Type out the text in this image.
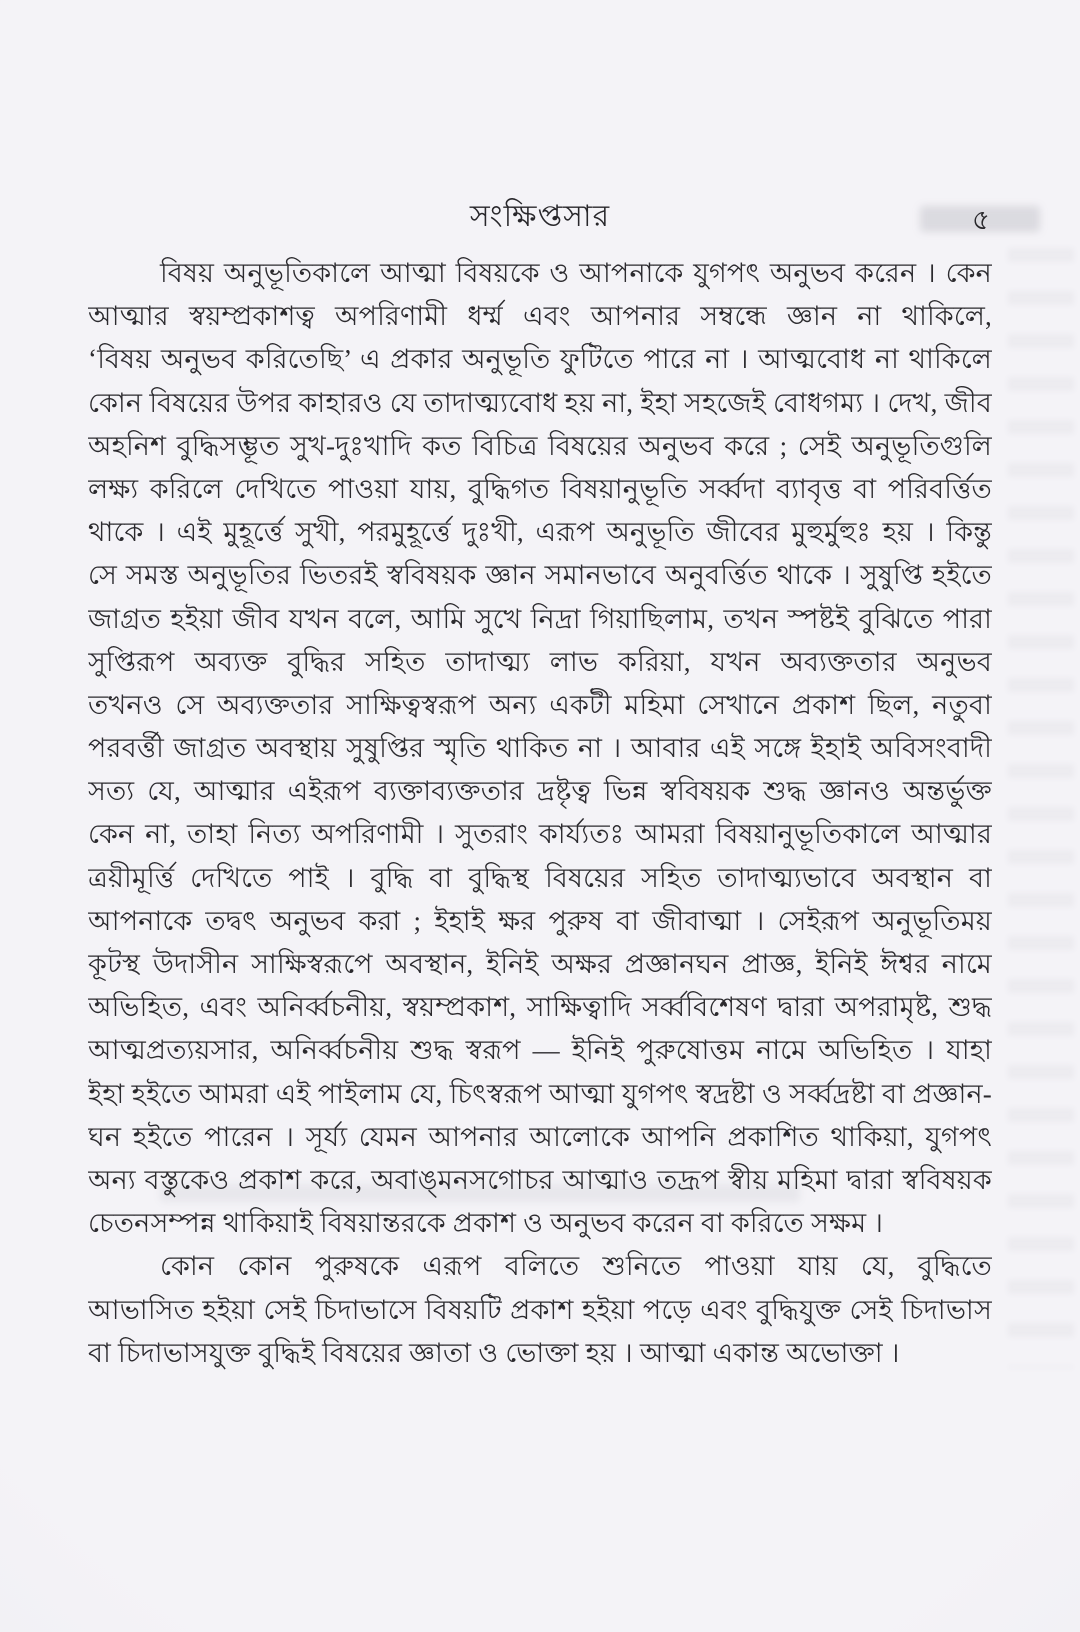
সংক্ষিপ্তসার	৫
বিষয় অনুভূতিকালে আত্মা বিষয়কে ও আপনাকে যুগপৎ অনুভব করেন । কেন
আত্মার স্বয়ম্প্রকাশত্ব অপরিণামী ধর্ম্ম এবং আপনার সম্বন্ধে জ্ঞান না থাকিলে,
‘বিষয় অনুভব করিতেছি’ এ প্রকার অনুভূতি ফুটিতে পারে না । আত্মবোধ না থাকিলে
কোন বিষয়ের উপর কাহারও যে তাদাত্ম্যবোধ হয় না, ইহা সহজেই বোধগম্য । দেখ, জীব
অহনিশ বুদ্ধিসম্ভূত সুখ-দুঃখাদি কত বিচিত্র বিষয়ের অনুভব করে ; সেই অনুভূতিগুলি
লক্ষ্য করিলে দেখিতে পাওয়া যায়, বুদ্ধিগত বিষয়ানুভূতি সর্ব্বদা ব্যাবৃত্ত বা পরিবর্ত্তিত
থাকে । এই মুহূর্ত্তে সুখী, পরমুহূর্ত্তে দুঃখী, এরূপ অনুভূতি জীবের মুহুর্মুহুঃ হয় । কিন্তু
সে সমস্ত অনুভূতির ভিতরই স্ববিষয়ক জ্ঞান সমানভাবে অনুবর্ত্তিত থাকে । সুষুপ্তি হইতে
জাগ্রত হইয়া জীব যখন বলে, আমি সুখে নিদ্রা গিয়াছিলাম, তখন স্পষ্টই বুঝিতে পারা
সুপ্তিরূপ অব্যক্ত বুদ্ধির সহিত তাদাত্ম্য লাভ করিয়া, যখন অব্যক্ততার অনুভব
তখনও সে অব্যক্ততার সাক্ষিত্বস্বরূপ অন্য একটী মহিমা সেখানে প্রকাশ ছিল, নতুবা
পরবর্ত্তী জাগ্রত অবস্থায় সুষুপ্তির স্মৃতি থাকিত না । আবার এই সঙ্গে ইহাই অবিসংবাদী
সত্য যে, আত্মার এইরূপ ব্যক্তাব্যক্ততার দ্রষ্টৃত্ব ভিন্ন স্ববিষয়ক শুদ্ধ জ্ঞানও অন্তর্ভুক্ত
কেন না, তাহা নিত্য অপরিণামী । সুতরাং কার্য্যতঃ আমরা বিষয়ানুভূতিকালে আত্মার
ত্রয়ীমূর্ত্তি দেখিতে পাই । বুদ্ধি বা বুদ্ধিস্থ বিষয়ের সহিত তাদাত্ম্যভাবে অবস্থান বা
আপনাকে তদ্বৎ অনুভব করা ; ইহাই ক্ষর পুরুষ বা জীবাত্মা । সেইরূপ অনুভূতিময়
কূটস্থ উদাসীন সাক্ষিস্বরূপে অবস্থান, ইনিই অক্ষর প্রজ্ঞানঘন প্রাজ্ঞ, ইনিই ঈশ্বর নামে
অভিহিত, এবং অনির্ব্বচনীয়, স্বয়ম্প্রকাশ, সাক্ষিত্বাদি সর্ব্ববিশেষণ দ্বারা অপরামৃষ্ট, শুদ্ধ
আত্মপ্রত্যয়সার, অনির্ব্বচনীয় শুদ্ধ স্বরূপ — ইনিই পুরুষোত্তম নামে অভিহিত । যাহা
ইহা হইতে আমরা এই পাইলাম যে, চিৎস্বরূপ আত্মা যুগপৎ স্বদ্রষ্টা ও সর্ব্বদ্রষ্টা বা প্রজ্ঞান-
ঘন হইতে পারেন । সূর্য্য যেমন আপনার আলোকে আপনি প্রকাশিত থাকিয়া, যুগপৎ
অন্য বস্তুকেও প্রকাশ করে, অবাঙ্‌মনসগোচর আত্মাও তদ্রূপ স্বীয় মহিমা দ্বারা স্ববিষয়ক
চেতনসম্পন্ন থাকিয়াই বিষয়ান্তরকে প্রকাশ ও অনুভব করেন বা করিতে সক্ষম ।
কোন কোন পুরুষকে এরূপ বলিতে শুনিতে পাওয়া যায় যে, বুদ্ধিতে
আভাসিত হইয়া সেই চিদাভাসে বিষয়টি প্রকাশ হইয়া পড়ে এবং বুদ্ধিযুক্ত সেই চিদাভাস
বা চিদাভাসযুক্ত বুদ্ধিই বিষয়ের জ্ঞাতা ও ভোক্তা হয় । আত্মা একান্ত অভোক্তা ।
